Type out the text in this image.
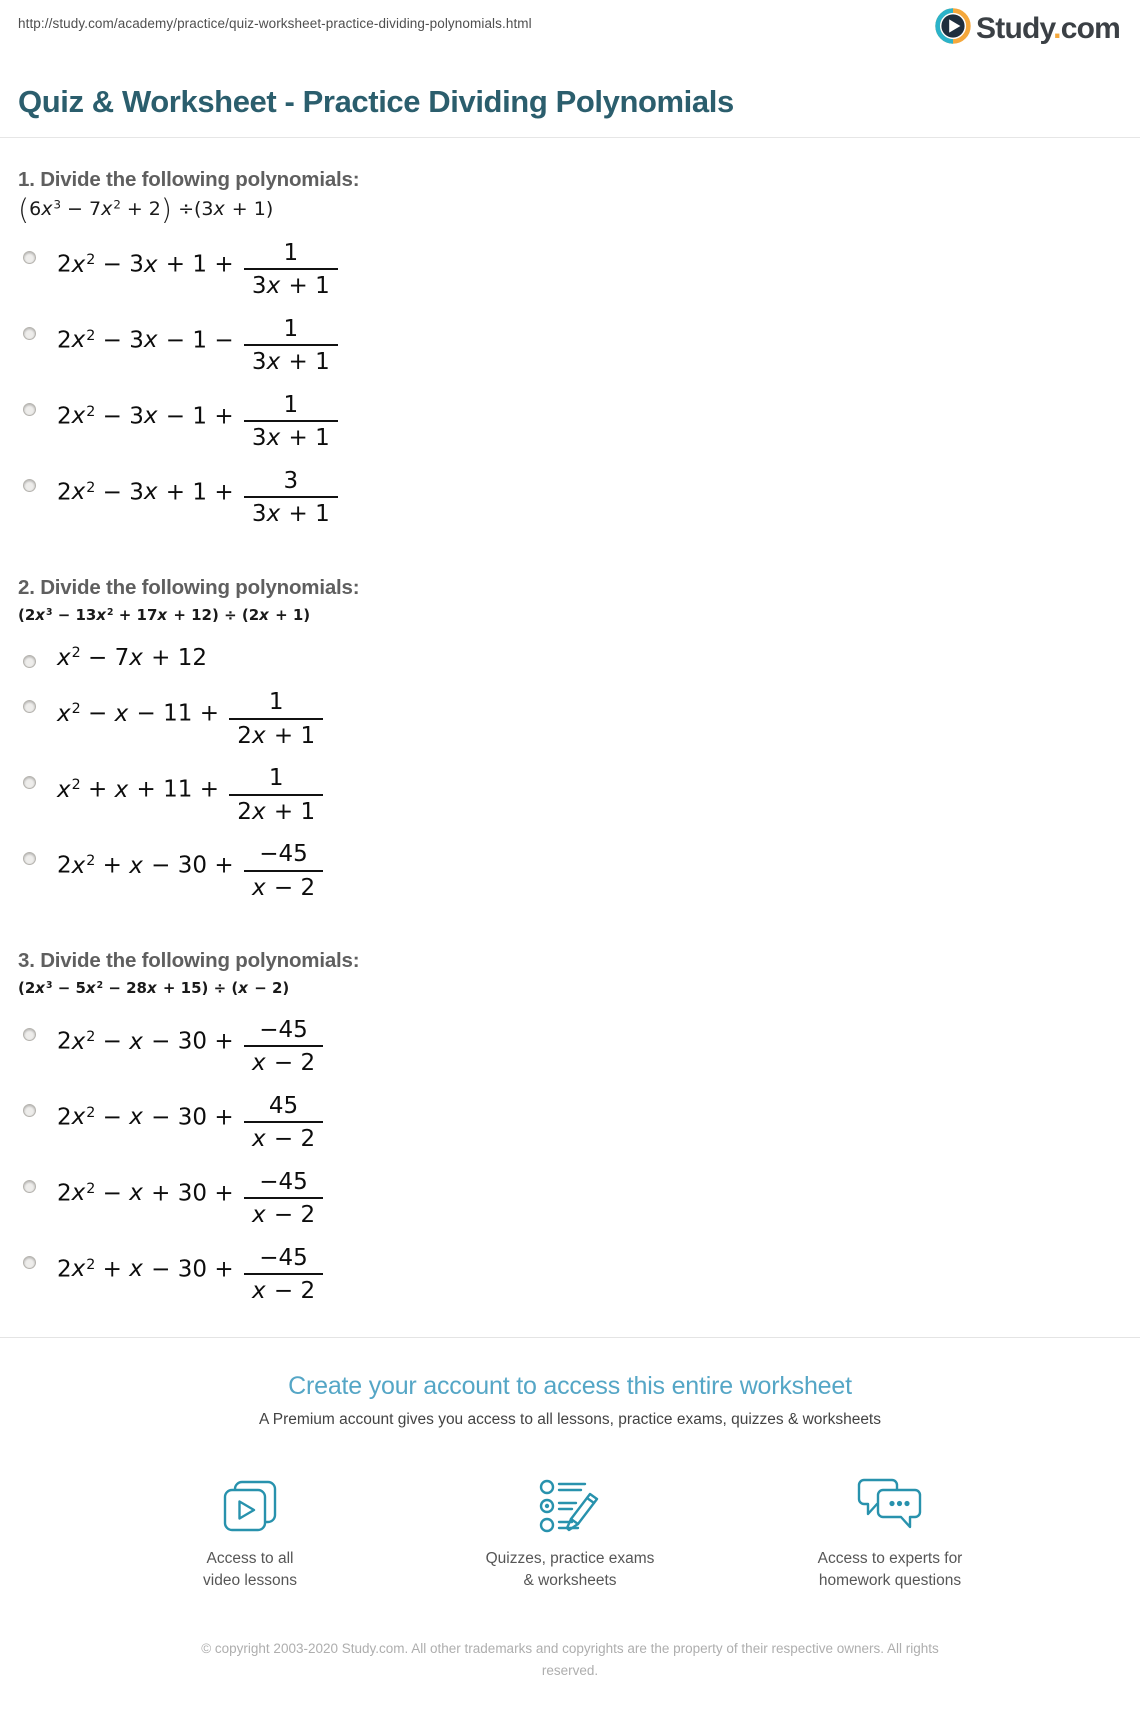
http://study.com/academy/practice/quiz-worksheet-practice-dividing-polynomials.html	Study.com
Quiz & Worksheet - Practice Dividing Polynomials
1. Divide the following polynomials:
$(6x^3 - 7x^2 + 2) \div(3x + 1)$
$2x^2 - 3x + 1 + \frac{1}{3x + 1}$
$2x^2 - 3x - 1 - \frac{1}{3x + 1}$
$2x^2 - 3x - 1 + \frac{1}{3x + 1}$
$2x^2 - 3x + 1 + \frac{3}{3x + 1}$
2. Divide the following polynomials:
$(2x^3 - 13x^2 + 17x + 12) \div (2x + 1)$
$x^2 - 7x + 12$
$x^2 - x - 11 + \frac{1}{2x + 1}$
$x^2 + x + 11 + \frac{1}{2x + 1}$
$2x^2 + x - 30 + \frac{-45}{x - 2}$
3. Divide the following polynomials:
$(2x^3 - 5x^2 - 28x + 15) \div (x - 2)$
$2x^2 - x - 30 + \frac{-45}{x - 2}$
$2x^2 - x - 30 + \frac{45}{x - 2}$
$2x^2 - x + 30 + \frac{-45}{x - 2}$
$2x^2 + x - 30 + \frac{-45}{x - 2}$
Create your account to access this entire worksheet
A Premium account gives you access to all lessons, practice exams, quizzes & worksheets
Access to all
video lessons
Quizzes, practice exams
& worksheets
Access to experts for
homework questions
© copyright 2003-2020 Study.com. All other trademarks and copyrights are the property of their respective owners. All rights reserved.
